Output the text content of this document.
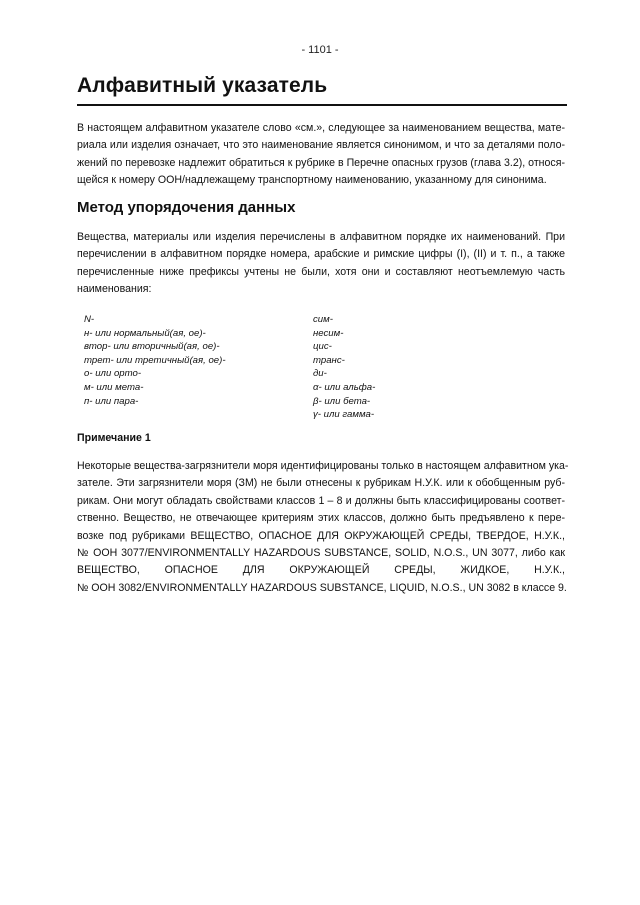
- 1101 -
Алфавитный указатель

В настоящем алфавитном указателе слово «см.», следующее за наименованием вещества, мате-
риала или изделия означает, что это наименование является синонимом, и что за деталями поло-
жений по перевозке надлежит обратиться к рубрике в Перечне опасных грузов (глава 3.2), относя-
щейся к номеру ООН/надлежащему транспортному наименованию, указанному для синонима.

Метод упорядочения данных

Вещества, материалы или изделия перечислены в алфавитном порядке их наименований. При
перечислении в алфавитном порядке номера, арабские и римские цифры (I), (II) и т. п., а также
перечисленные ниже префиксы учтены не были, хотя они и составляют неотъемлемую часть
наименования:

N-
н- или нормальный(ая, ое)-
втор- или вторичный(ая, ое)-
трет- или третичный(ая, ое)-
о- или орто-
м- или мета-
п- или пара-
сим-
несим-
цис-
транс-
ди-
α- или альфа-
β- или бета-
γ- или гамма-
Примечание 1

Некоторые вещества-загрязнители моря идентифицированы только в настоящем алфавитном ука-
зателе. Эти загрязнители моря (ЗМ) не были отнесены к рубрикам Н.У.К. или к обобщенным руб-
рикам. Они могут обладать свойствами классов 1 – 8 и должны быть классифицированы соответ-
ственно. Вещество, не отвечающее критериям этих классов, должно быть предъявлено к пере-
возке под рубриками ВЕЩЕСТВО, ОПАСНОЕ ДЛЯ ОКРУЖАЮЩЕЙ СРЕДЫ, ТВЕРДОЕ, Н.У.К.,
№ ООН 3077/ENVIRONMENTALLY HAZARDOUS SUBSTANCE, SOLID, N.O.S., UN 3077, либо как
ВЕЩЕСТВО, ОПАСНОЕ ДЛЯ ОКРУЖАЮЩЕЙ СРЕДЫ, ЖИДКОЕ, Н.У.К.,
№ ООН 3082/ENVIRONMENTALLY HAZARDOUS SUBSTANCE, LIQUID, N.O.S., UN 3082 в классе 9.
